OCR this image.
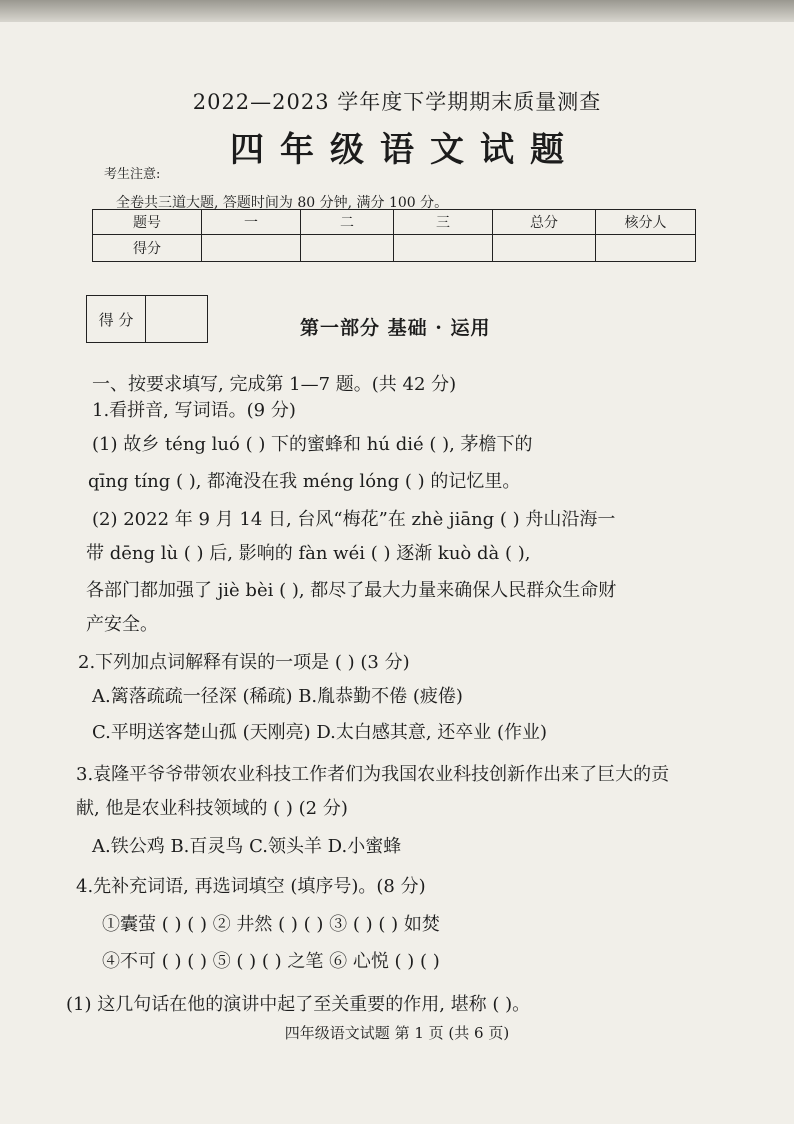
2022—2023 学年度下学期期末质量测查
四年级语文试题
考生注意:
全卷共三道大题, 答题时间为 80 分钟, 满分 100 分。
题号	一	二	三	总分	核分人
得分					
得 分	第一部分 基础 · 运用
一、按要求填写, 完成第 1—7 题。(共 42 分)
1.看拼音, 写词语。(9 分)
(1) 故乡 téng luó ( ) 下的蜜蜂和 hú dié ( ), 茅檐下的
qīng tíng ( ), 都淹没在我 méng lóng ( ) 的记忆里。
(2) 2022 年 9 月 14 日, 台风“梅花”在 zhè jiāng ( ) 舟山沿海一
带 dēng lù ( ) 后, 影响的 fàn wéi ( ) 逐渐 kuò dà ( ),
各部门都加强了 jiè bèi ( ), 都尽了最大力量来确保人民群众生命财
产安全。
2.下列加点词解释有误的一项是 ( ) (3 分)
A.篱落疏疏一径深 (稀疏) B.胤恭勤不倦 (疲倦)
C.平明送客楚山孤 (天刚亮) D.太白感其意, 还卒业 (作业)
3.袁隆平爷爷带领农业科技工作者们为我国农业科技创新作出来了巨大的贡
献, 他是农业科技领域的 ( ) (2 分)
A.铁公鸡 B.百灵鸟 C.领头羊 D.小蜜蜂
4.先补充词语, 再选词填空 (填序号)。(8 分)
①囊萤 ( ) ( ) ② 井然 ( ) ( ) ③ ( ) ( ) 如焚
④不可 ( ) ( ) ⑤ ( ) ( ) 之笔 ⑥ 心悦 ( ) ( )
(1) 这几句话在他的演讲中起了至关重要的作用, 堪称 ( )。
四年级语文试题 第 1 页 (共 6 页)
